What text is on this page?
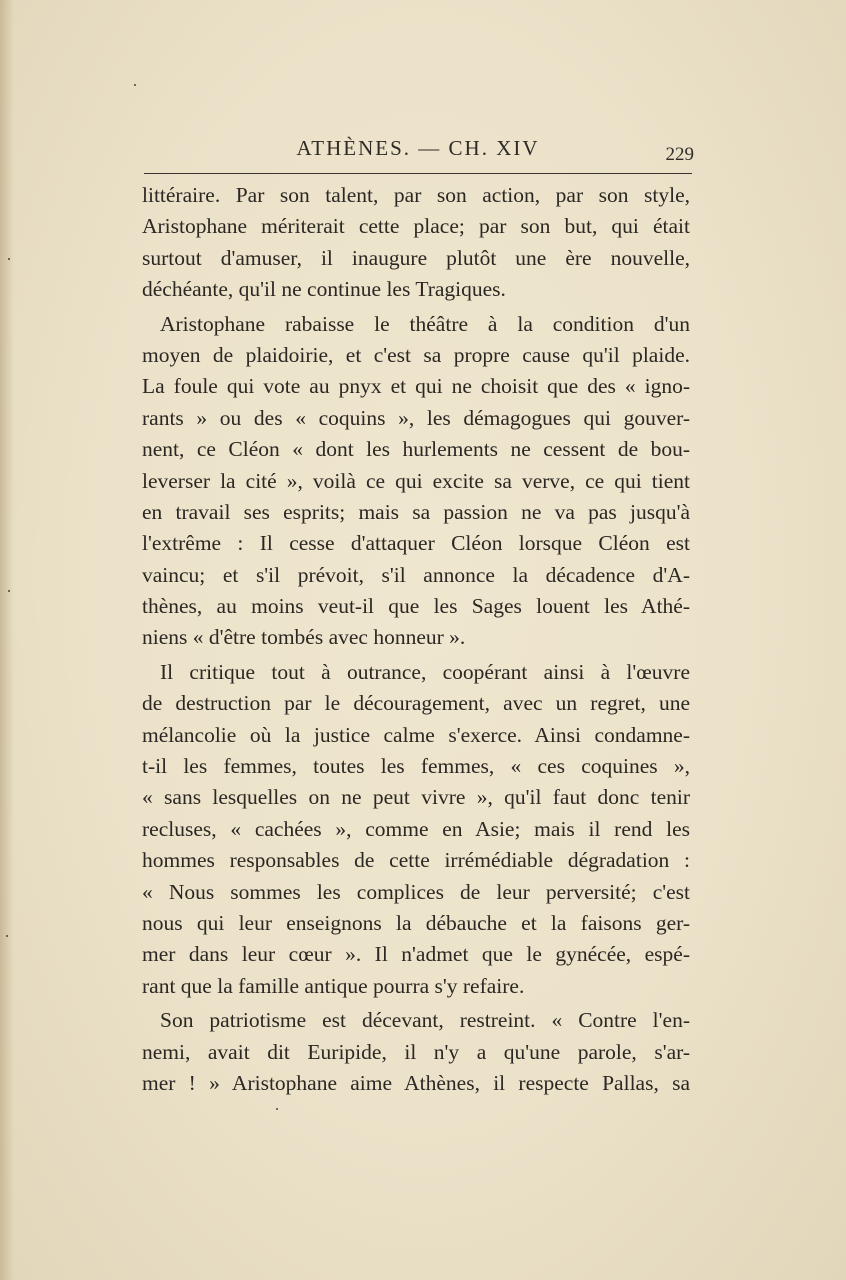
ATHÈNES. — CH. XIV	229
littéraire. Par son talent, par son action, par son style,
Aristophane mériterait cette place; par son but, qui était
surtout d'amuser, il inaugure plutôt une ère nouvelle,
déchéante, qu'il ne continue les Tragiques.
Aristophane rabaisse le théâtre à la condition d'un
moyen de plaidoirie, et c'est sa propre cause qu'il plaide.
La foule qui vote au pnyx et qui ne choisit que des « igno-
rants » ou des « coquins », les démagogues qui gouver-
nent, ce Cléon « dont les hurlements ne cessent de bou-
leverser la cité », voilà ce qui excite sa verve, ce qui tient
en travail ses esprits; mais sa passion ne va pas jusqu'à
l'extrême : Il cesse d'attaquer Cléon lorsque Cléon est
vaincu; et s'il prévoit, s'il annonce la décadence d'A-
thènes, au moins veut-il que les Sages louent les Athé-
niens « d'être tombés avec honneur ».
Il critique tout à outrance, coopérant ainsi à l'œuvre
de destruction par le découragement, avec un regret, une
mélancolie où la justice calme s'exerce. Ainsi condamne-
t-il les femmes, toutes les femmes, « ces coquines »,
« sans lesquelles on ne peut vivre », qu'il faut donc tenir
recluses, « cachées », comme en Asie; mais il rend les
hommes responsables de cette irrémédiable dégradation :
« Nous sommes les complices de leur perversité; c'est
nous qui leur enseignons la débauche et la faisons ger-
mer dans leur cœur ». Il n'admet que le gynécée, espé-
rant que la famille antique pourra s'y refaire.
Son patriotisme est décevant, restreint. « Contre l'en-
nemi, avait dit Euripide, il n'y a qu'une parole, s'ar-
mer ! » Aristophane aime Athènes, il respecte Pallas, sa
